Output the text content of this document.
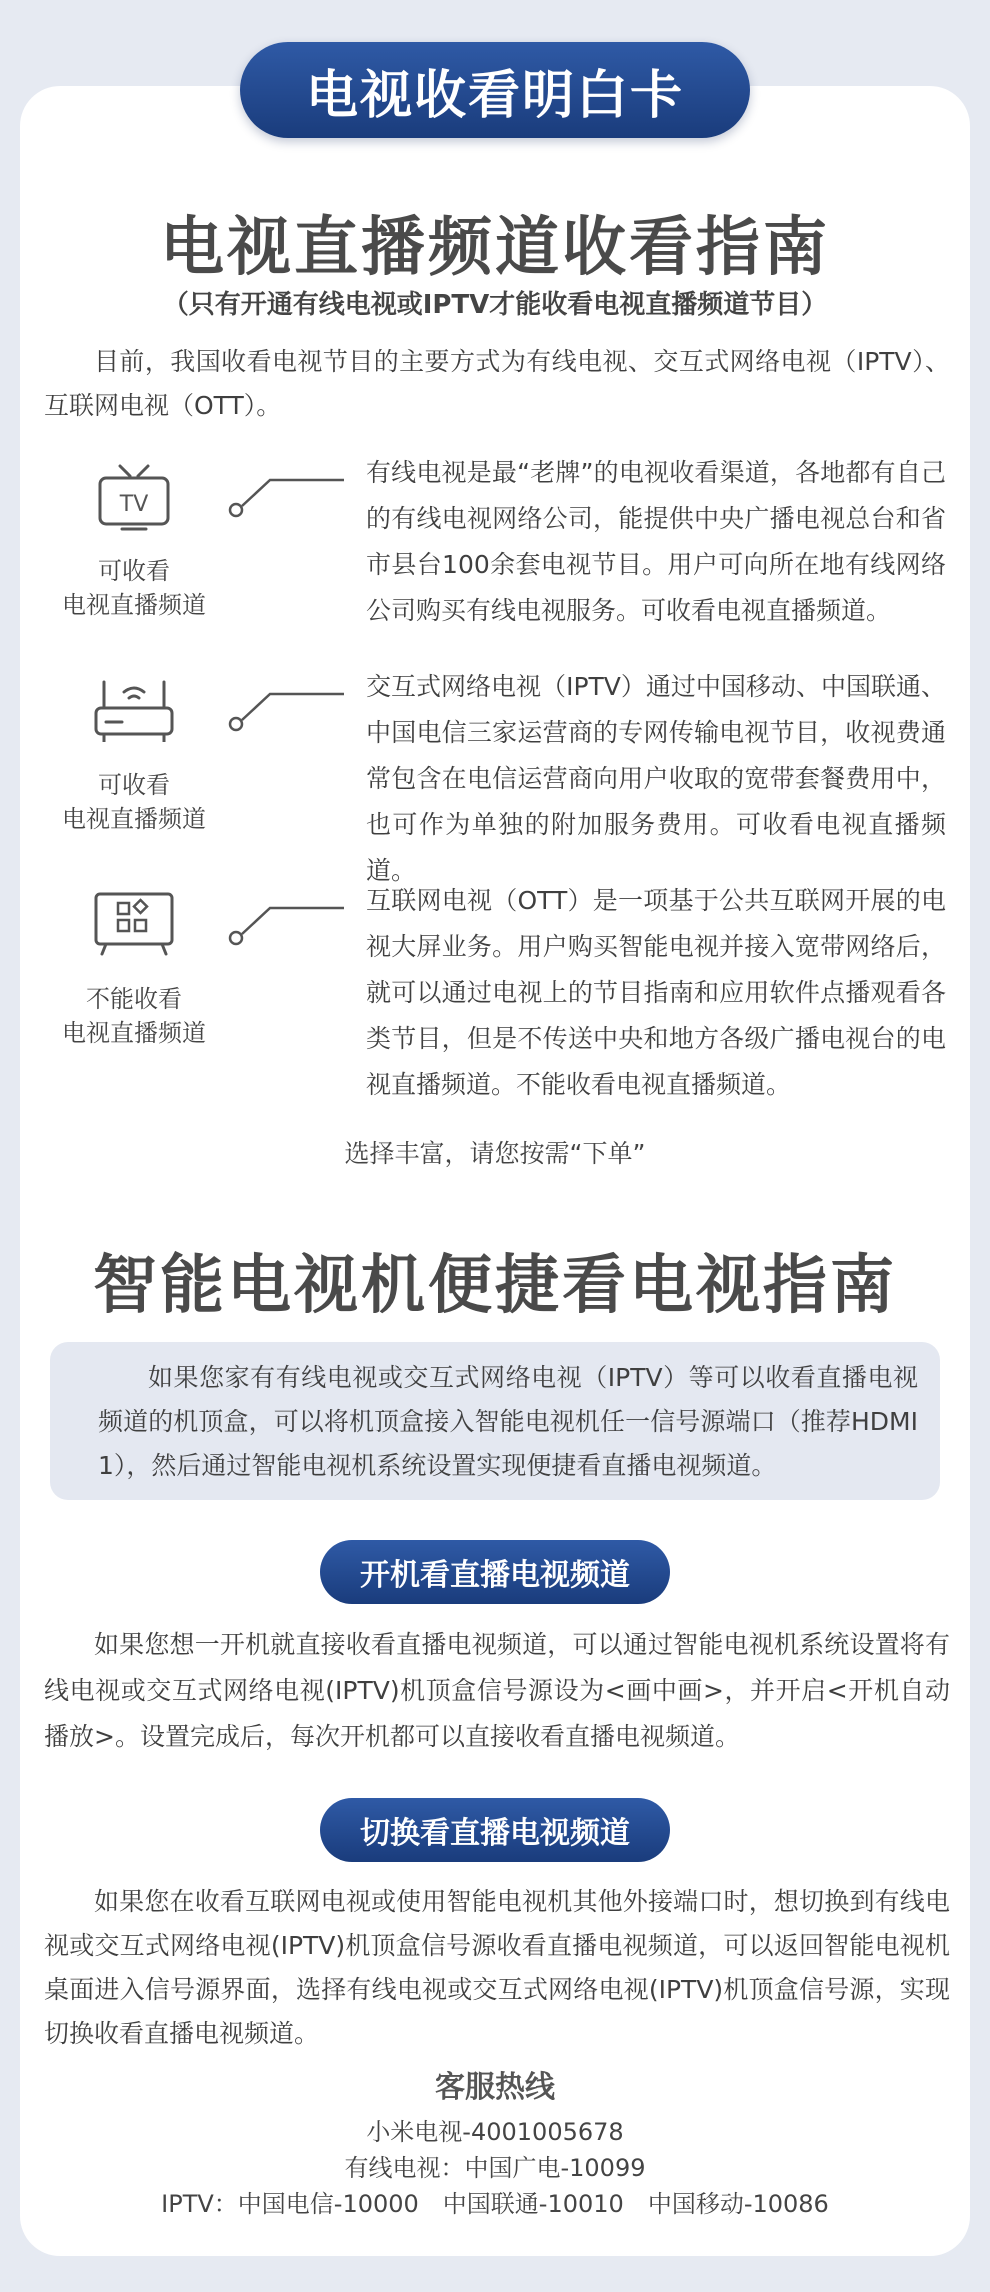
电视收看明白卡
电视直播频道收看指南
（只有开通有线电视或IPTV才能收看电视直播频道节目）
目前，我国收看电视节目的主要方式为有线电视、交互式网络电视（IPTV）、互联网电视（OTT）。
TV
可收看
电视直播频道
有线电视是最“老牌”的电视收看渠道，各地都有自己的有线电视网络公司，能提供中央广播电视总台和省市县台100余套电视节目。用户可向所在地有线网络公司购买有线电视服务。可收看电视直播频道。
可收看
电视直播频道
交互式网络电视（IPTV）通过中国移动、中国联通、中国电信三家运营商的专网传输电视节目，收视费通常包含在电信运营商向用户收取的宽带套餐费用中，也可作为单独的附加服务费用。可收看电视直播频道。
不能收看
电视直播频道
互联网电视（OTT）是一项基于公共互联网开展的电视大屏业务。用户购买智能电视并接入宽带网络后，就可以通过电视上的节目指南和应用软件点播观看各类节目，但是不传送中央和地方各级广播电视台的电视直播频道。不能收看电视直播频道。
选择丰富，请您按需“下单”
智能电视机便捷看电视指南
如果您家有有线电视或交互式网络电视（IPTV）等可以收看直播电视频道的机顶盒，可以将机顶盒接入智能电视机任一信号源端口（推荐HDMI 1），然后通过智能电视机系统设置实现便捷看直播电视频道。
开机看直播电视频道
如果您想一开机就直接收看直播电视频道，可以通过智能电视机系统设置将有线电视或交互式网络电视(IPTV)机顶盒信号源设为<画中画>，并开启<开机自动播放>。设置完成后，每次开机都可以直接收看直播电视频道。
切换看直播电视频道
如果您在收看互联网电视或使用智能电视机其他外接端口时，想切换到有线电视或交互式网络电视(IPTV)机顶盒信号源收看直播电视频道，可以返回智能电视机桌面进入信号源界面，选择有线电视或交互式网络电视(IPTV)机顶盒信号源，实现切换收看直播电视频道。
客服热线
小米电视-4001005678
有线电视：中国广电-10099
IPTV：中国电信-10000　中国联通-10010　中国移动-10086
